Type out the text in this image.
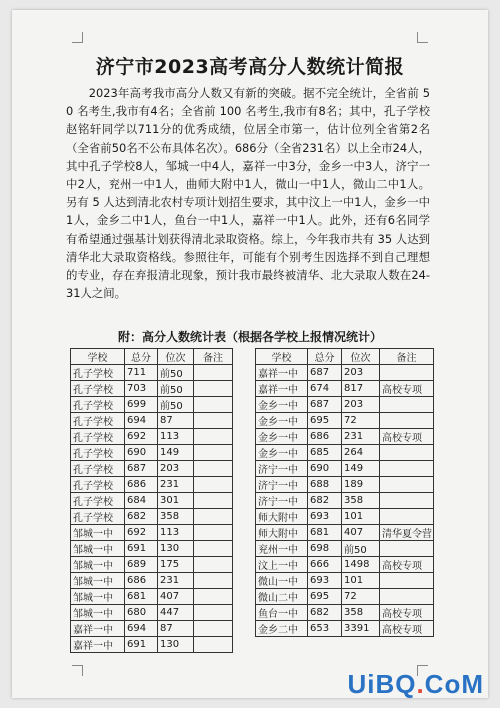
济宁市2023高考高分人数统计简报
2023年高考我市高分人数又有新的突破。据不完全统计，全省前 50 名考生,我市有4名；全省前 100 名考生,我市有8名；其中，孔子学校赵铭轩同学以711分的优秀成绩，位居全市第一，估计位列全省第2名（全省前50名不公布具体名次）。686分（全省231名）以上全市24人，其中孔子学校8人，邹城一中4人，嘉祥一中3分，金乡一中3人，济宁一中2人，兖州一中1人，曲师大附中1人，微山一中1人，微山二中1人。另有 5 人达到清北农村专项计划招生要求，其中汶上一中1人，金乡一中1人，金乡二中1人，鱼台一中1人，嘉祥一中1人。此外，还有6名同学有希望通过强基计划获得清北录取资格。综上，今年我市共有 35 人达到清华北大录取资格线。参照往年，可能有个别考生因选择不到自己理想的专业，存在弃报清北现象，预计我市最终被清华、北大录取人数在24-31人之间。
附：高分人数统计表（根据各学校上报情况统计）
学校	总分	位次	备注
孔子学校	711	前50	
孔子学校	703	前50	
孔子学校	699	前50	
孔子学校	694	87	
孔子学校	692	113	
孔子学校	690	149	
孔子学校	687	203	
孔子学校	686	231	
孔子学校	684	301	
孔子学校	682	358	
邹城一中	692	113	
邹城一中	691	130	
邹城一中	689	175	
邹城一中	686	231	
邹城一中	681	407	
邹城一中	680	447	
嘉祥一中	694	87	
嘉祥一中	691	130	
学校	总分	位次	备注
嘉祥一中	687	203	
嘉祥一中	674	817	高校专项
金乡一中	687	203	
金乡一中	695	72	
金乡一中	686	231	高校专项
金乡一中	685	264	
济宁一中	690	149	
济宁一中	688	189	
济宁一中	682	358	
师大附中	693	101	
师大附中	681	407	清华夏令营
兖州一中	698	前50	
汶上一中	666	1498	高校专项
微山一中	693	101	
微山二中	695	72	
鱼台一中	682	358	高校专项
金乡二中	653	3391	高校专项
UiBQ.CoM
